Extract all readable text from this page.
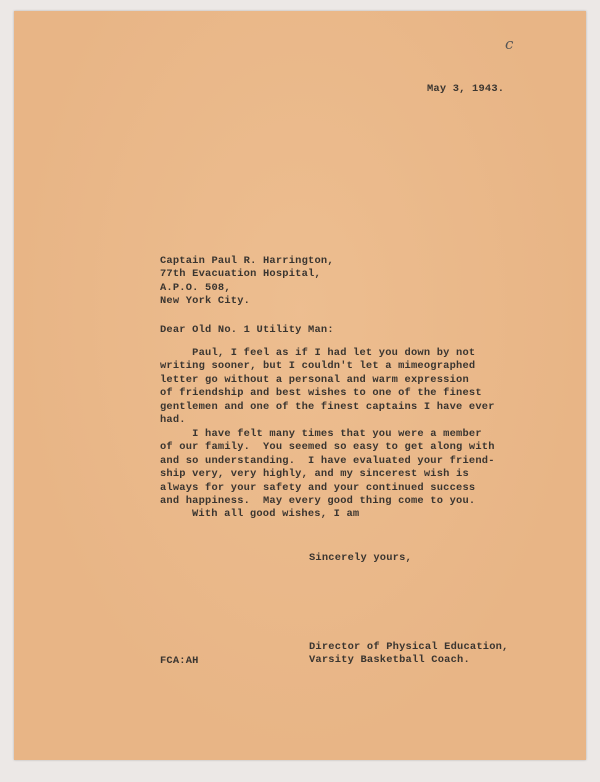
c
May 3, 1943.
Captain Paul R. Harrington,
77th Evacuation Hospital,
A.P.O. 508,
New York City.
Dear Old No. 1 Utility Man:
Paul, I feel as if I had let you down by not
writing sooner, but I couldn't let a mimeographed
letter go without a personal and warm expression
of friendship and best wishes to one of the finest
gentlemen and one of the finest captains I have ever
had.
I have felt many times that you were a member
of our family.  You seemed so easy to get along with
and so understanding.  I have evaluated your friend-
ship very, very highly, and my sincerest wish is
always for your safety and your continued success
and happiness.  May every good thing come to you.
With all good wishes, I am
Sincerely yours,
Director of Physical Education,
Varsity Basketball Coach.
FCA:AH
